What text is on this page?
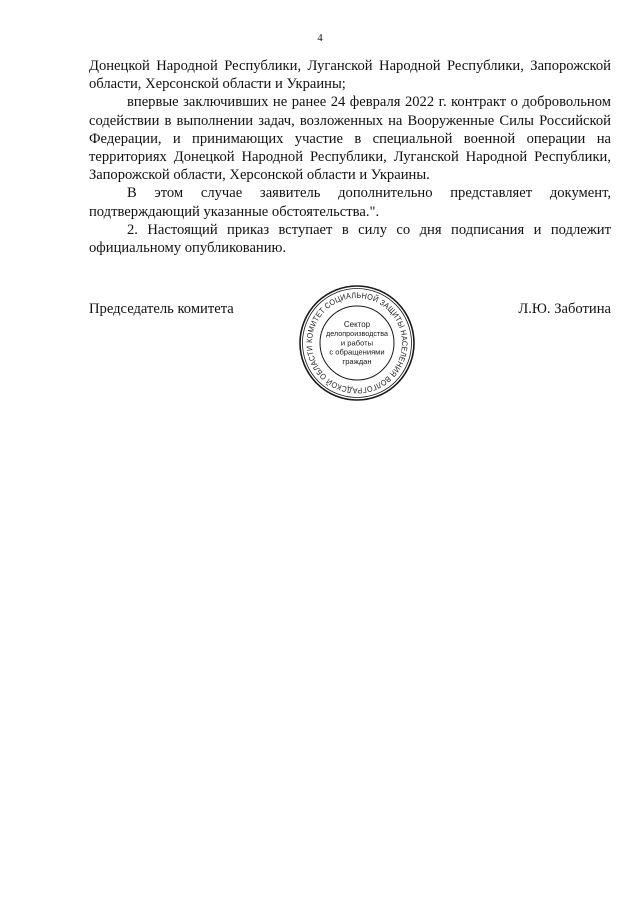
4

Донецкой Народной Республики, Луганской Народной Республики, Запорожской области, Херсонской области и Украины;

впервые заключивших не ранее 24 февраля 2022 г. контракт о добровольном содействии в выполнении задач, возложенных на Вооруженные Силы Российской Федерации, и принимающих участие в специальной военной операции на территориях Донецкой Народной Республики, Луганской Народной Республики, Запорожской области, Херсонской области и Украины.

В этом случае заявитель дополнительно представляет документ, подтверждающий указанные обстоятельства.".

2. Настоящий приказ вступает в силу со дня подписания и подлежит официальному опубликованию.

Председатель комитета	Л.Ю. Заботина
КОМИТЕТ СОЦИАЛЬНОЙ ЗАЩИТЫ НАСЕЛЕНИЯ ВОЛГОГРАДСКОЙ ОБЛАСТИ
Сектор
делопроизводства
и работы
с обращениями
граждан
